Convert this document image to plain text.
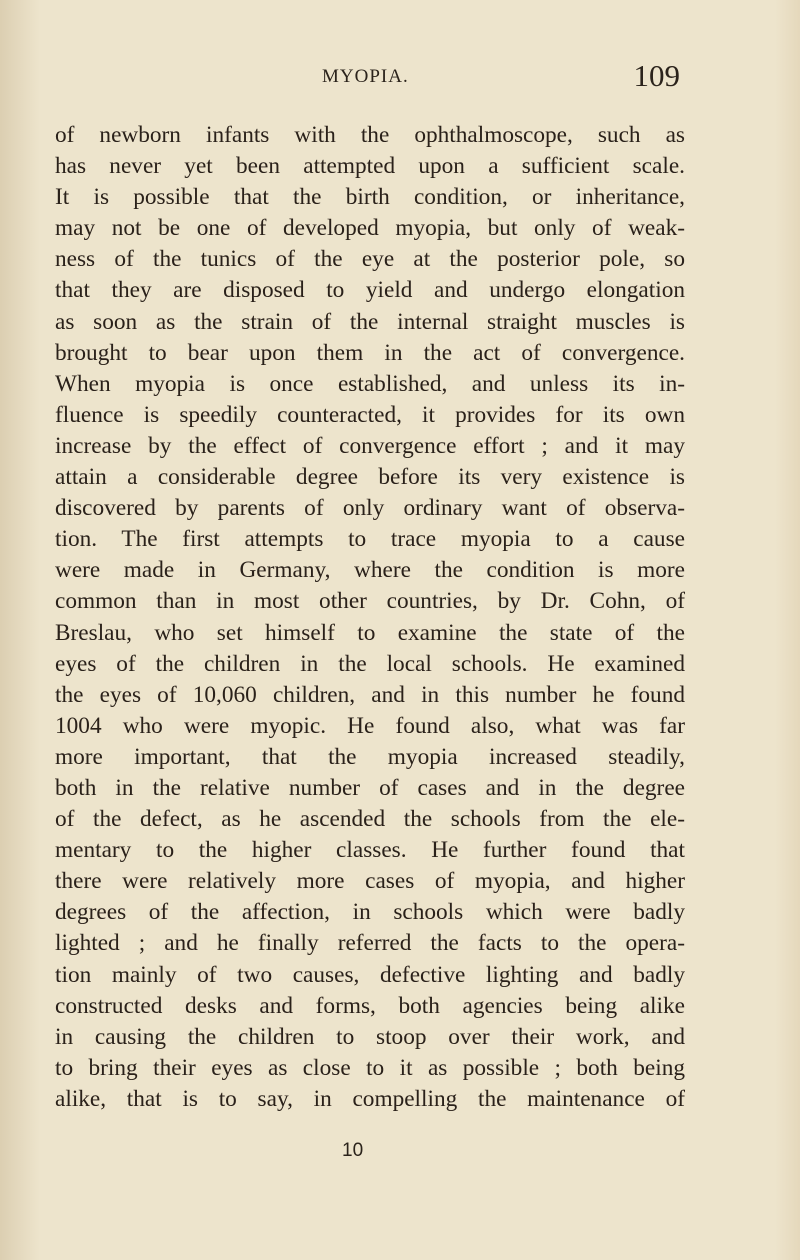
MYOPIA.	109

of newborn infants with the ophthalmoscope, such as
has never yet been attempted upon a sufficient scale.
It is possible that the birth condition, or inheritance,
may not be one of developed myopia, but only of weak-
ness of the tunics of the eye at the posterior pole, so
that they are disposed to yield and undergo elongation
as soon as the strain of the internal straight muscles is
brought to bear upon them in the act of convergence.
When myopia is once established, and unless its in-
fluence is speedily counteracted, it provides for its own
increase by the effect of convergence effort ; and it may
attain a considerable degree before its very existence is
discovered by parents of only ordinary want of observa-
tion. The first attempts to trace myopia to a cause
were made in Germany, where the condition is more
common than in most other countries, by Dr. Cohn, of
Breslau, who set himself to examine the state of the
eyes of the children in the local schools. He examined
the eyes of 10,060 children, and in this number he found
1004 who were myopic. He found also, what was far
more important, that the myopia increased steadily,
both in the relative number of cases and in the degree
of the defect, as he ascended the schools from the ele-
mentary to the higher classes. He further found that
there were relatively more cases of myopia, and higher
degrees of the affection, in schools which were badly
lighted ; and he finally referred the facts to the opera-
tion mainly of two causes, defective lighting and badly
constructed desks and forms, both agencies being alike
in causing the children to stoop over their work, and
to bring their eyes as close to it as possible ; both being
alike, that is to say, in compelling the maintenance of

10
